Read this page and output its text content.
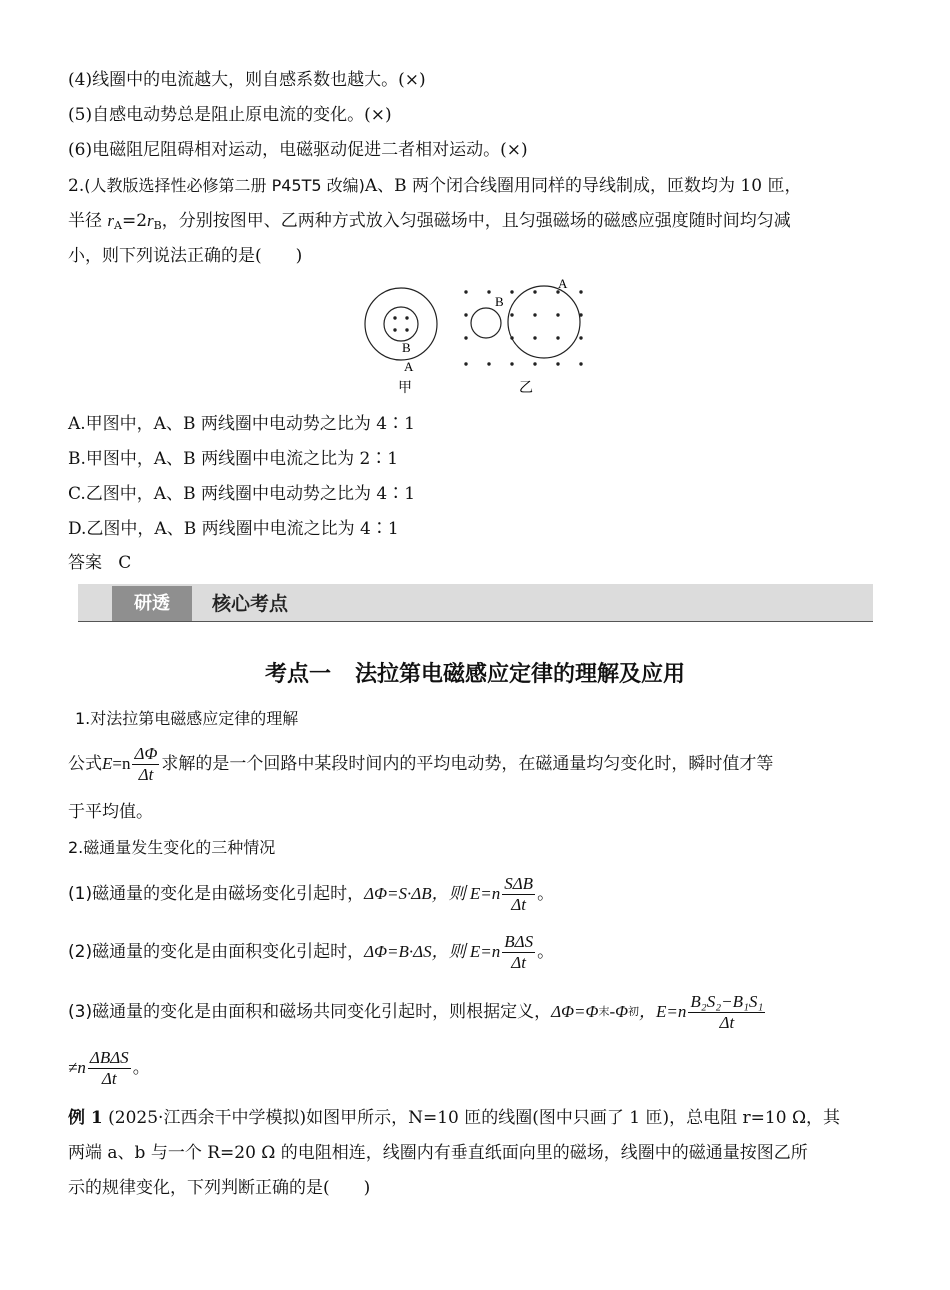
(4)线圈中的电流越大，则自感系数也越大。(×)
(5)自感电动势总是阻止原电流的变化。(×)
(6)电磁阻尼阻碍相对运动，电磁驱动促进二者相对运动。(×)
2.(人教版选择性必修第二册 P45T5 改编)A、B 两个闭合线圈用同样的导线制成，匝数均为 10 匝，
半径 $r_A=2r_B$，分别按图甲、乙两种方式放入匀强磁场中，且匀强磁场的磁感应强度随时间均匀减
小，则下列说法正确的是(　　)
B
A
甲
B
A
乙
A.甲图中，A、B 两线圈中电动势之比为 4∶1
B.甲图中，A、B 两线圈中电流之比为 2∶1
C.乙图中，A、B 两线圈中电动势之比为 4∶1
D.乙图中，A、B 两线圈中电流之比为 4∶1
答案 C
研透	核心考点
考点一 法拉第电磁感应定律的理解及应用
1.对法拉第电磁感应定律的理解
公式 $E =n \frac{\Delta\Phi}{\Delta t}$ 求解的是一个回路中某段时间内的平均电动势，在磁通量均匀变化时，瞬时值才等
于平均值。
2.磁通量发生变化的三种情况
(1)磁通量的变化是由磁场变化引起时， ΔΦ=S·ΔB，则 $E=n \frac{\text{SΔB}}{\Delta t}$ 。
(2)磁通量的变化是由面积变化引起时， ΔΦ=B·ΔS，则 $E=n \frac{\text{BΔS}}{\Delta t}$ 。
(3)磁通量的变化是由面积和磁场共同变化引起时，则根据定义， ΔΦ=Φ 末 -Φ 初 ，$E=n \frac{\text{B₂S₂−B₁S₁}}{\Delta t}$
$\ne n \frac{\text{ΔBΔS}}{\Delta t}$ 。
例 1 (2025·江西余干中学模拟)如图甲所示，N=10 匝的线圈(图中只画了 1 匝)，总电阻 r=10 Ω，其
两端 a、b 与一个 R=20 Ω 的电阻相连，线圈内有垂直纸面向里的磁场，线圈中的磁通量按图乙所
示的规律变化，下列判断正确的是(　　)
